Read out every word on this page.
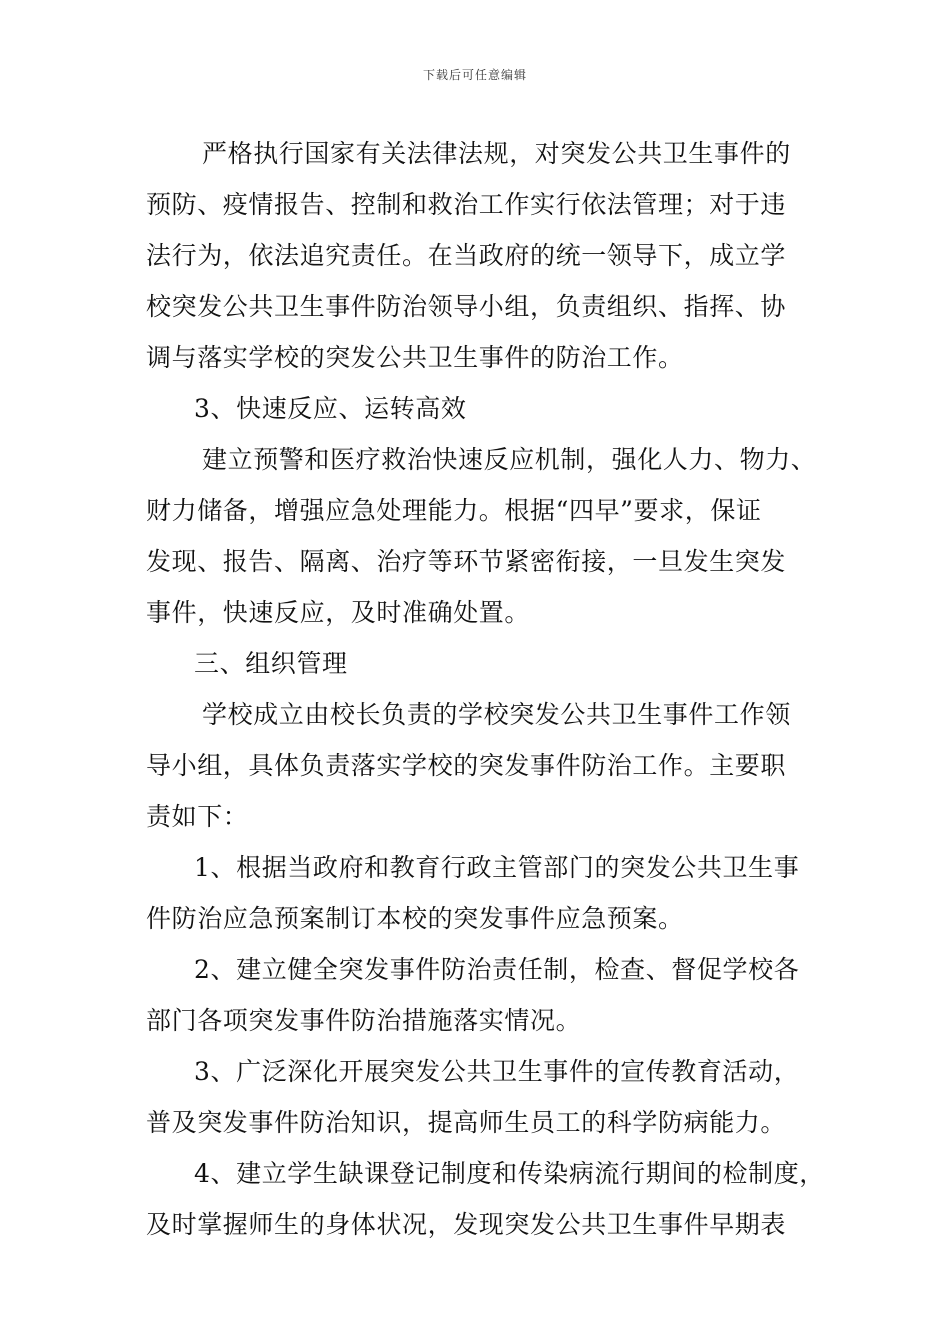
下载后可任意编辑
严格执行国家有关法律法规，对突发公共卫生事件的
预防、疫情报告、控制和救治工作实行依法管理；对于违
法行为，依法追究责任。在当政府的统一领导下，成立学
校突发公共卫生事件防治领导小组，负责组织、指挥、协
调与落实学校的突发公共卫生事件的防治工作。
3、快速反应、运转高效
建立预警和医疗救治快速反应机制，强化人力、物力、
财力储备，增强应急处理能力。根据“四早”要求，保证
发现、报告、隔离、治疗等环节紧密衔接，一旦发生突发
事件，快速反应，及时准确处置。
三、组织管理
学校成立由校长负责的学校突发公共卫生事件工作领
导小组，具体负责落实学校的突发事件防治工作。主要职
责如下：
1、根据当政府和教育行政主管部门的突发公共卫生事
件防治应急预案制订本校的突发事件应急预案。
2、建立健全突发事件防治责任制，检查、督促学校各
部门各项突发事件防治措施落实情况。
3、广泛深化开展突发公共卫生事件的宣传教育活动，
普及突发事件防治知识，提高师生员工的科学防病能力。
4、建立学生缺课登记制度和传染病流行期间的检制度，
及时掌握师生的身体状况，发现突发公共卫生事件早期表
